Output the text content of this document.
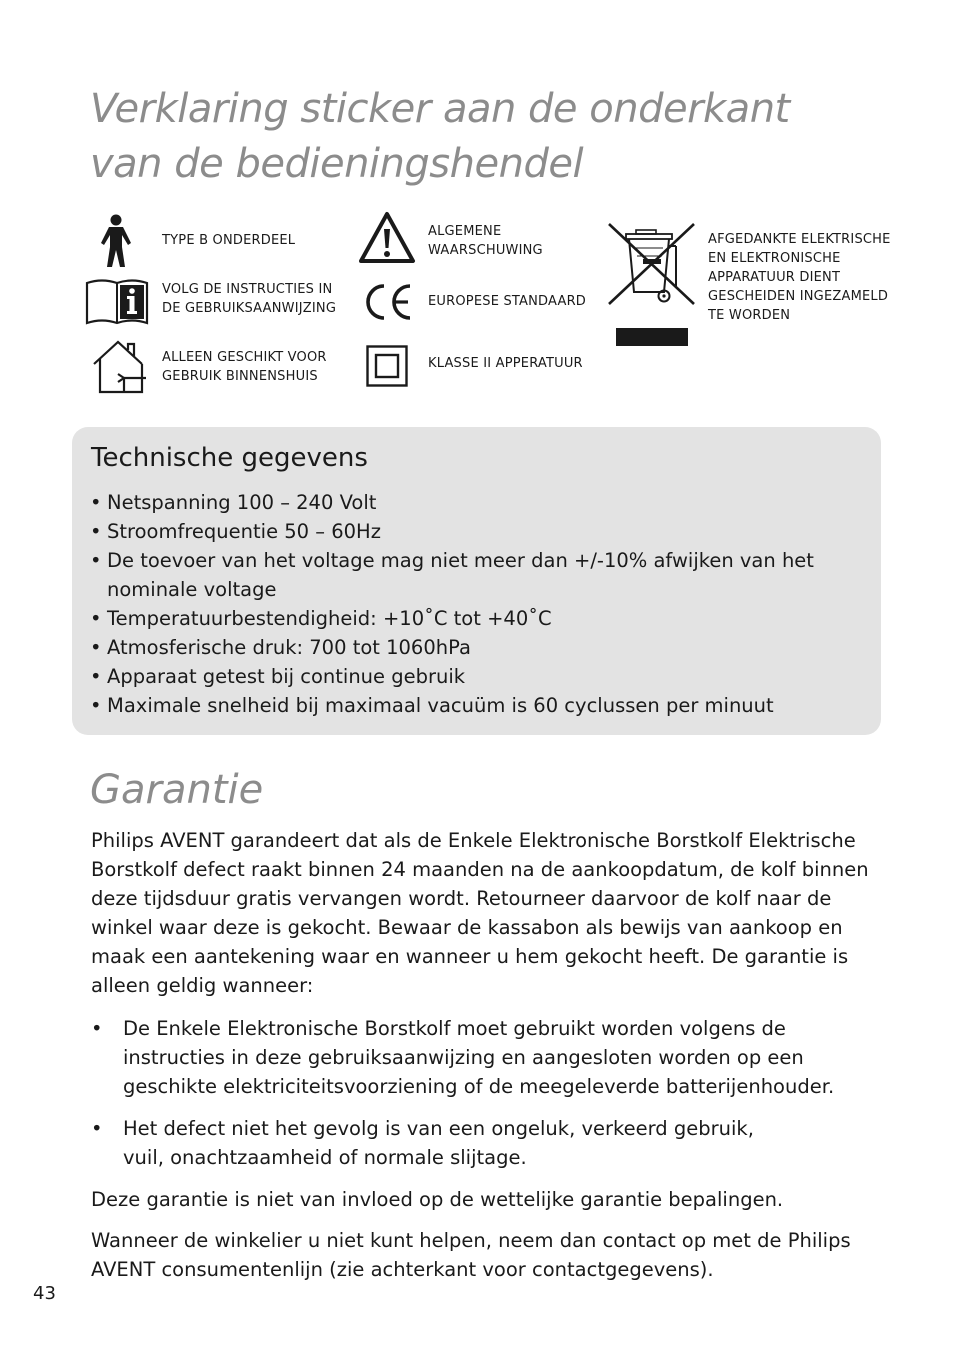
Verklaring sticker aan de onderkant
van de bedieningshendel

TYPE B ONDERDEEL

VOLG DE INSTRUCTIES IN
DE GEBRUIKSAANWIJZING

ALLEEN GESCHIKT VOOR
GEBRUIK BINNENSHUIS

ALGEMENE
WAARSCHUWING

EUROPESE STANDAARD

KLASSE II APPERATUUR

AFGEDANKTE ELEKTRISCHE
EN ELEKTRONISCHE
APPARATUUR DIENT
GESCHEIDEN INGEZAMELD
TE WORDEN

Technische gegevens
• Netspanning 100 – 240 Volt
• Stroomfrequentie 50 – 60Hz
• De toevoer van het voltage mag niet meer dan +/-10% afwijken van het nominale voltage
• Temperatuurbestendigheid: +10˚C tot +40˚C
• Atmosferische druk: 700 tot 1060hPa
• Apparaat getest bij continue gebruik
• Maximale snelheid bij maximaal vacuüm is 60 cyclussen per minuut
Garantie

Philips AVENT garandeert dat als de Enkele Elektronische Borstkolf Elektrische Borstkolf defect raakt binnen 24 maanden na de aankoopdatum, de kolf binnen deze tijdsduur gratis vervangen wordt. Retourneer daarvoor de kolf naar de winkel waar deze is gekocht. Bewaar de kassabon als bewijs van aankoop en maak een aantekening waar en wanneer u hem gekocht heeft. De garantie is alleen geldig wanneer:

• De Enkele Elektronische Borstkolf moet gebruikt worden volgens de
instructies in deze gebruiksaanwijzing en aangesloten worden op een
geschikte elektriciteitsvoorziening of de meegeleverde batterijenhouder.
• Het defect niet het gevolg is van een ongeluk, verkeerd gebruik,
vuil, onachtzaamheid of normale slijtage.

Deze garantie is niet van invloed op de wettelijke garantie bepalingen.

Wanneer de winkelier u niet kunt helpen, neem dan contact op met de Philips AVENT consumentenlijn (zie achterkant voor contactgegevens).

43
